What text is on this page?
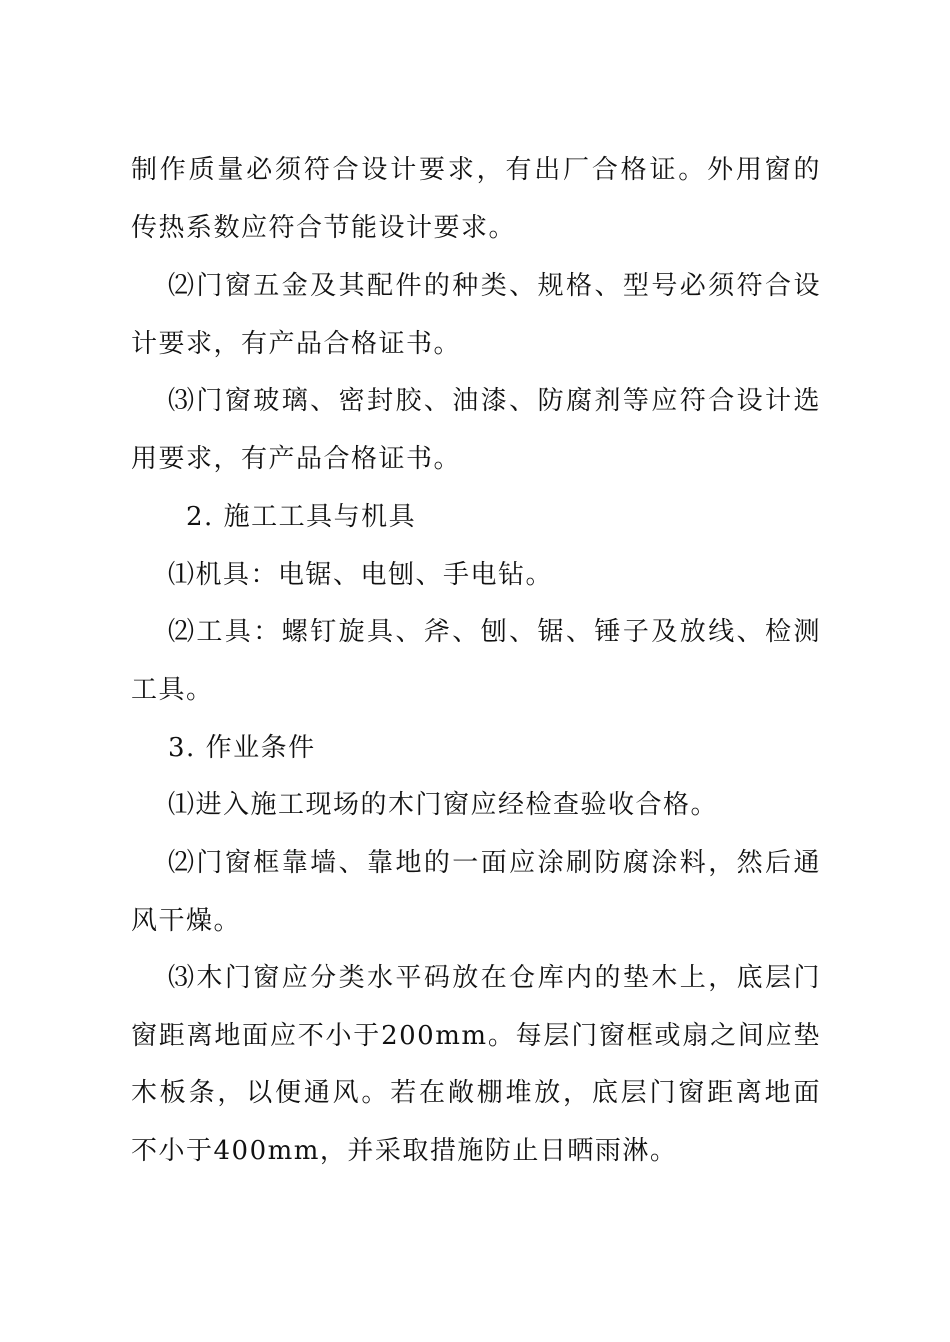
制作质量必须符合设计要求，有出厂合格证。外用窗的
传热系数应符合节能设计要求。
⑵门窗五金及其配件的种类、规格、型号必须符合设
计要求，有产品合格证书。
⑶门窗玻璃、密封胶、油漆、防腐剂等应符合设计选
用要求，有产品合格证书。
2. 施工工具与机具
⑴机具：电锯、电刨、手电钻。
⑵工具：螺钉旋具、斧、刨、锯、锤子及放线、检测
工具。
3. 作业条件
⑴进入施工现场的木门窗应经检查验收合格。
⑵门窗框靠墙、靠地的一面应涂刷防腐涂料，然后通
风干燥。
⑶木门窗应分类水平码放在仓库内的垫木上，底层门
窗距离地面应不小于200mm。每层门窗框或扇之间应垫
木板条，以便通风。若在敞棚堆放，底层门窗距离地面
不小于400mm，并采取措施防止日晒雨淋。
